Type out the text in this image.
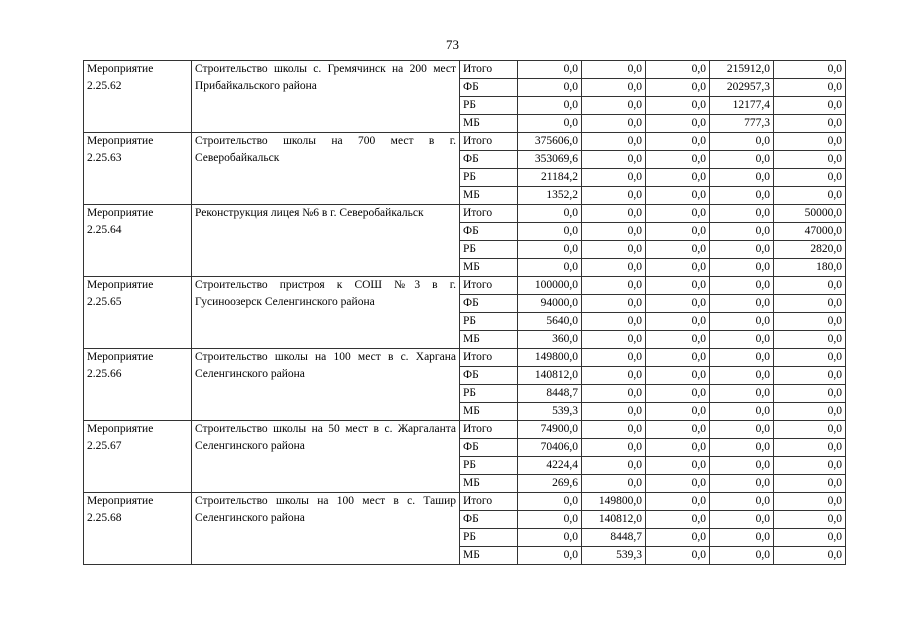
73
Мероприятие 2.25.62	Строительство школы с. Гремячинск на 200 мест Прибайкальского района	Итого	0,0	0,0	0,0	215912,0	0,0
		ФБ	0,0	0,0	0,0	202957,3	0,0
		РБ	0,0	0,0	0,0	12177,4	0,0
		МБ	0,0	0,0	0,0	777,3	0,0
Мероприятие 2.25.63	Строительство школы на 700 мест в г. Северобайкальск	Итого	375606,0	0,0	0,0	0,0	0,0
		ФБ	353069,6	0,0	0,0	0,0	0,0
		РБ	21184,2	0,0	0,0	0,0	0,0
		МБ	1352,2	0,0	0,0	0,0	0,0
Мероприятие 2.25.64	Реконструкция лицея №6 в г. Северобайкальск	Итого	0,0	0,0	0,0	0,0	50000,0
		ФБ	0,0	0,0	0,0	0,0	47000,0
		РБ	0,0	0,0	0,0	0,0	2820,0
		МБ	0,0	0,0	0,0	0,0	180,0
Мероприятие 2.25.65	Строительство пристроя к СОШ №3 в г. Гусиноозерск Селенгинского района	Итого	100000,0	0,0	0,0	0,0	0,0
		ФБ	94000,0	0,0	0,0	0,0	0,0
		РБ	5640,0	0,0	0,0	0,0	0,0
		МБ	360,0	0,0	0,0	0,0	0,0
Мероприятие 2.25.66	Строительство школы на 100 мест в с. Харгана Селенгинского района	Итого	149800,0	0,0	0,0	0,0	0,0
		ФБ	140812,0	0,0	0,0	0,0	0,0
		РБ	8448,7	0,0	0,0	0,0	0,0
		МБ	539,3	0,0	0,0	0,0	0,0
Мероприятие 2.25.67	Строительство школы на 50 мест в с. Жаргаланта Селенгинского района	Итого	74900,0	0,0	0,0	0,0	0,0
		ФБ	70406,0	0,0	0,0	0,0	0,0
		РБ	4224,4	0,0	0,0	0,0	0,0
		МБ	269,6	0,0	0,0	0,0	0,0
Мероприятие 2.25.68	Строительство школы на 100 мест в с. Ташир Селенгинского района	Итого	0,0	149800,0	0,0	0,0	0,0
		ФБ	0,0	140812,0	0,0	0,0	0,0
		РБ	0,0	8448,7	0,0	0,0	0,0
		МБ	0,0	539,3	0,0	0,0	0,0
